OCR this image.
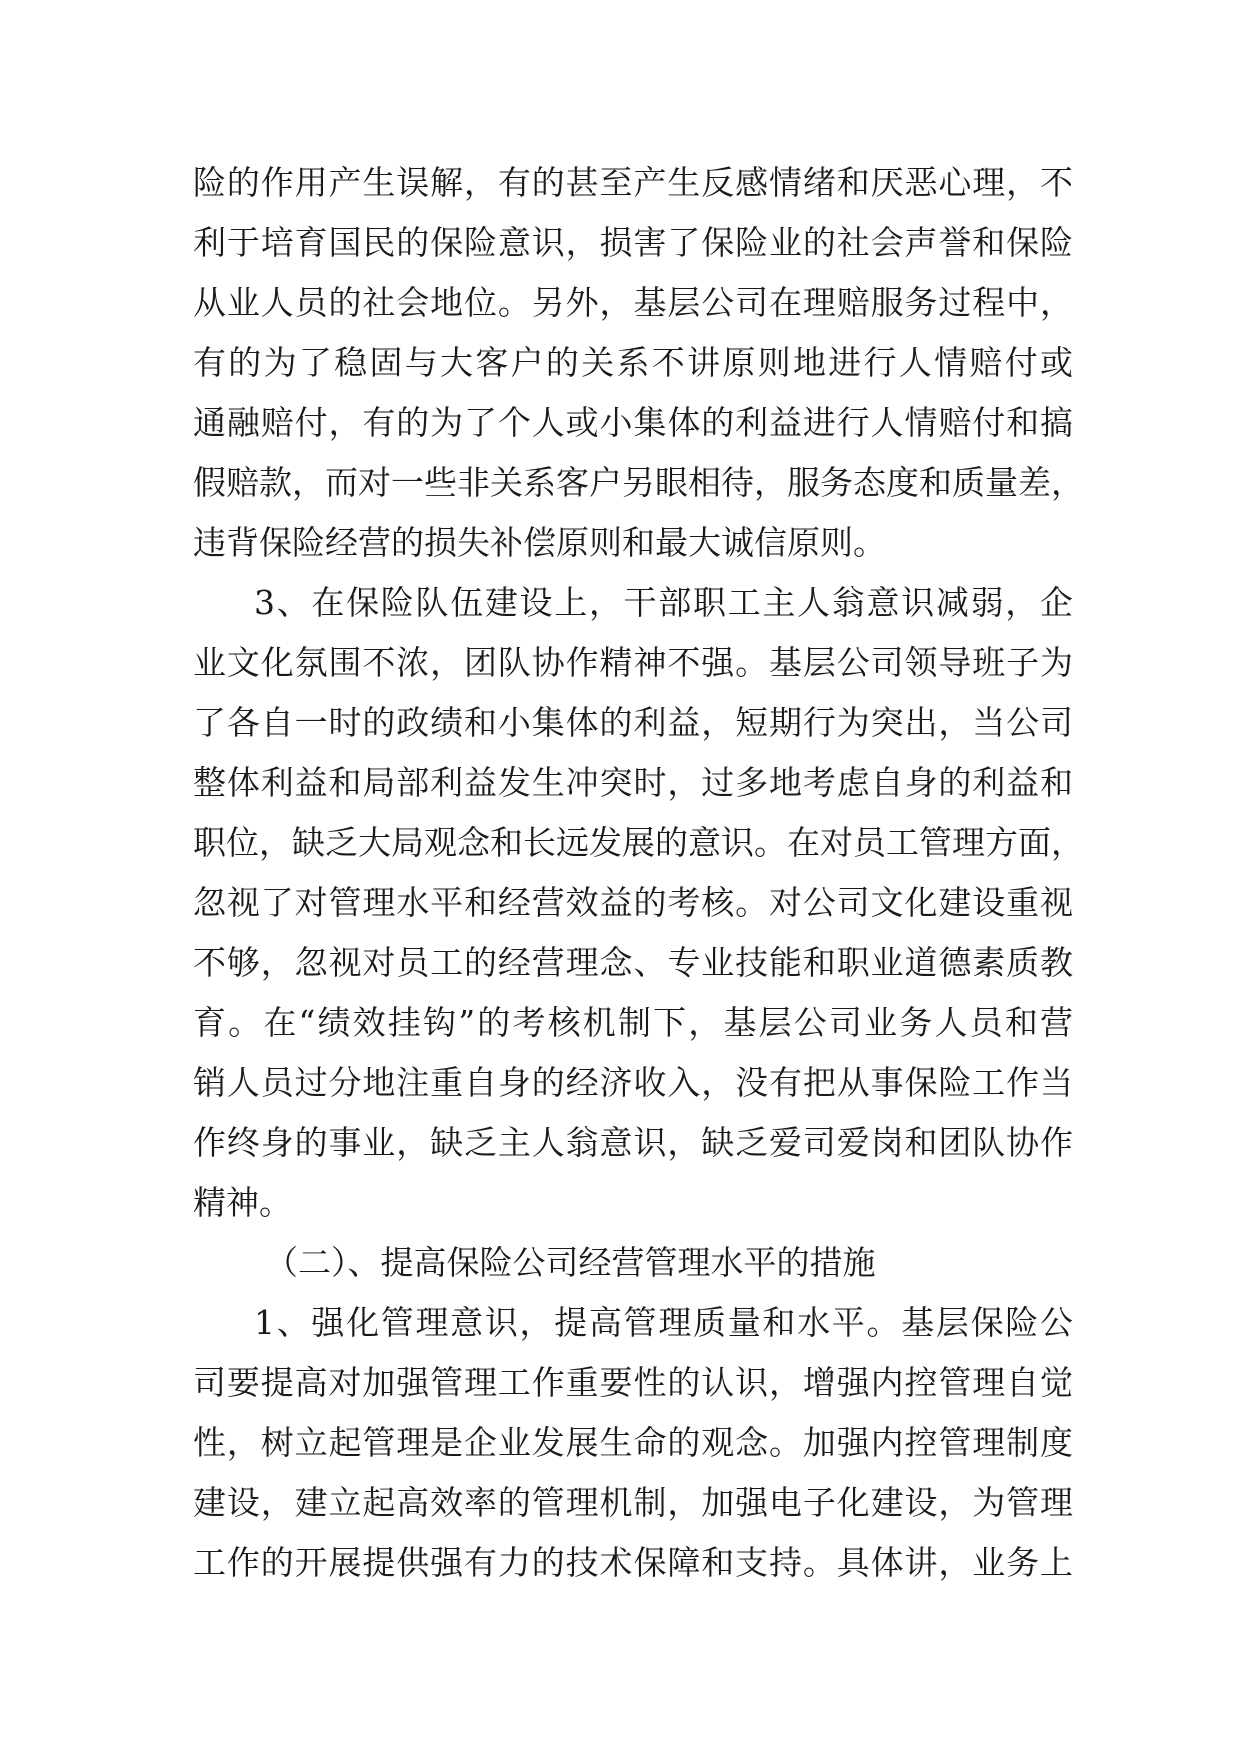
险的作用产生误解，有的甚至产生反感情绪和厌恶心理，不

利于培育国民的保险意识，损害了保险业的社会声誉和保险

从业人员的社会地位。另外，基层公司在理赔服务过程中，

有的为了稳固与大客户的关系不讲原则地进行人情赔付或

通融赔付，有的为了个人或小集体的利益进行人情赔付和搞

假赔款，而对一些非关系客户另眼相待，服务态度和质量差，

违背保险经营的损失补偿原则和最大诚信原则。

3、在保险队伍建设上，干部职工主人翁意识减弱，企

业文化氛围不浓，团队协作精神不强。基层公司领导班子为

了各自一时的政绩和小集体的利益，短期行为突出，当公司

整体利益和局部利益发生冲突时，过多地考虑自身的利益和

职位，缺乏大局观念和长远发展的意识。在对员工管理方面，

忽视了对管理水平和经营效益的考核。对公司文化建设重视

不够，忽视对员工的经营理念、专业技能和职业道德素质教

育。在“绩效挂钩”的考核机制下，基层公司业务人员和营

销人员过分地注重自身的经济收入，没有把从事保险工作当

作终身的事业，缺乏主人翁意识，缺乏爱司爱岗和团队协作

精神。

（二）、提高保险公司经营管理水平的措施

1、强化管理意识，提高管理质量和水平。基层保险公

司要提高对加强管理工作重要性的认识，增强内控管理自觉

性，树立起管理是企业发展生命的观念。加强内控管理制度

建设，建立起高效率的管理机制，加强电子化建设，为管理

工作的开展提供强有力的技术保障和支持。具体讲，业务上
